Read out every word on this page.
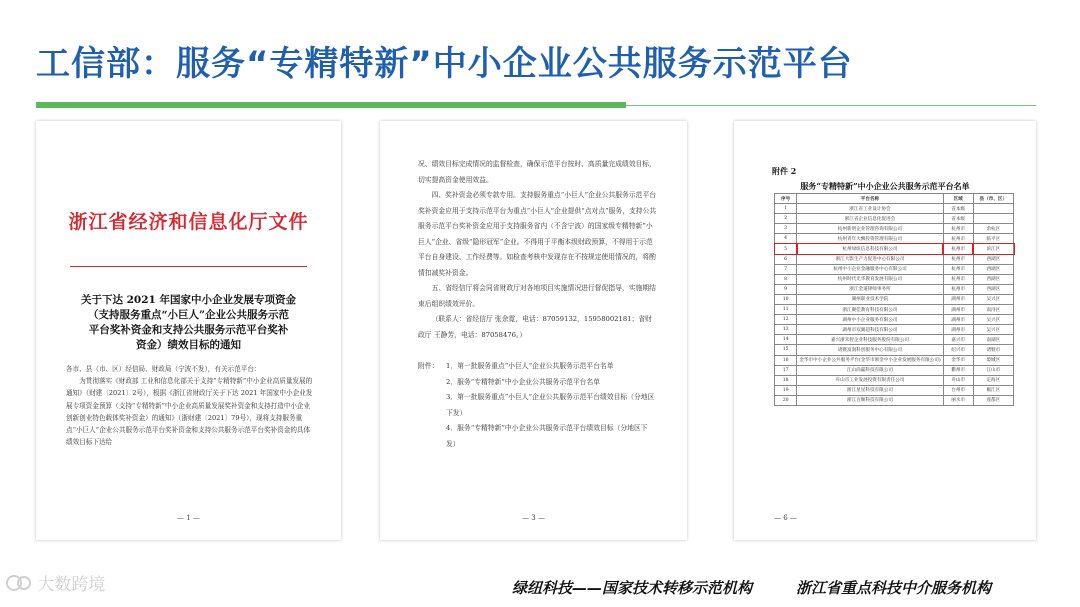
工信部：服务“专精特新”中小企业公共服务示范平台
浙江省经济和信息化厅文件
关于下达 2021 年国家中小企业发展专项资金
（支持服务重点“小巨人”企业公共服务示范
平台奖补资金和支持公共服务示范平台奖补
资金）绩效目标的通知
各市、县（市、区）经信局、财政局（宁波不发），有关示范平台：
为贯彻落实《财政部 工业和信息化部关于支持“专精特新”中小企业高质量发展的通知》（财建〔2021〕2号），根据《浙江省财政厅关于下达 2021 年国家中小企业发展专项资金预算（支持“专精特新”中小企业高质量发展奖补资金和支持打造中小企业创新创业特色载体奖补资金）的通知》（浙财建〔2021〕79号），现将支持服务重点“小巨人”企业公共服务示范平台奖补资金和支持公共服务示范平台奖补资金的具体绩效目标下达给
— 1 —

况、绩效目标完成情况的监督检查，确保示范平台按时、高质量完成绩效目标，切实提高资金使用效益。

四、奖补资金必须专款专用。支持服务重点“小巨人”企业公共服务示范平台奖补资金应用于支持示范平台为重点“小巨人”企业提供“点对点”服务，支持公共服务示范平台奖补资金应用于支持服务省内（不含宁波）的国家级专精特新“小巨人”企业、省级“隐形冠军”企业。不得用于平衡本级财政预算，不得用于示范平台自身建设、工作经费等。如检查考核中发现存在不按规定使用情况的，将酌情扣减奖补资金。

五、省经信厅将会同省财政厅对各地项目实施情况进行督促指导，实施期结束后组织绩效评价。

（联系人：省经信厅 张余霓，电话：87059132，15958002181；省财政厅 王静芳，电话：87058476。）

附件： 1．第一批服务重点“小巨人”企业公共服务示范平台名单
2．服务“专精特新”中小企业公共服务示范平台名单
3．第一批服务重点“小巨人”企业公共服务示范平台绩效目标（分地区下发）
4．服务“专精特新”中小企业公共服务示范平台绩效目标（分地区下发）
— 3 —
附件 2
服务“专精特新”中小企业公共服务示范平台名单
序号	平台名称	区域	县（市、区）
1	浙江省工业设计协会	省本级	
2	浙江省企业信息化促进会	省本级	
3	杭州新明企业管理咨询有限公司	杭州市	余杭区
4	杭州青年大飘投资管理有限公司	杭州市	临平区
5	杭州绿纽信息科技有限公司	杭州市	滨江区
6	浙江大影生产力促进中心有限公司	杭州市	西湖区
7	杭州中小企业金融服务中心有限公司	杭州市	西湖区
8	杭州时代光华教育发展有限公司	杭州市	西湖区
9	浙江金道律师事务所	杭州市	西湖区
10	湖州职业技术学院	湖州市	吴兴区
11	浙江聚佳教育科技有限公司	湖州市	南浔区
12	湖州中小企业服务有限公司	湖州市	吴兴区
13	湖州市双翼超科技有限公司	湖州市	吴兴区
14	嘉兴浙禾智企业科技服务股份有限公司	嘉兴市	南湖区
15	诸暨富润科创服务中心有限公司	绍兴市	诸暨市
16	金华市中小企业公共服务平台(金华市浙金中小企业发展服务有限公司)	金华市	婺城区
17	江山尚赢科技有限公司	衢州市	江山市
18	舟山市工业发展投资有限责任公司	舟山市	定海区
19	浙江星星科技有限公司	台州市	椒江区
20	浙江百顺科技有限公司	丽水市	莲都区
— 6 —
大数跨境	绿纽科技——国家技术转移示范机构	浙江省重点科技中介服务机构
